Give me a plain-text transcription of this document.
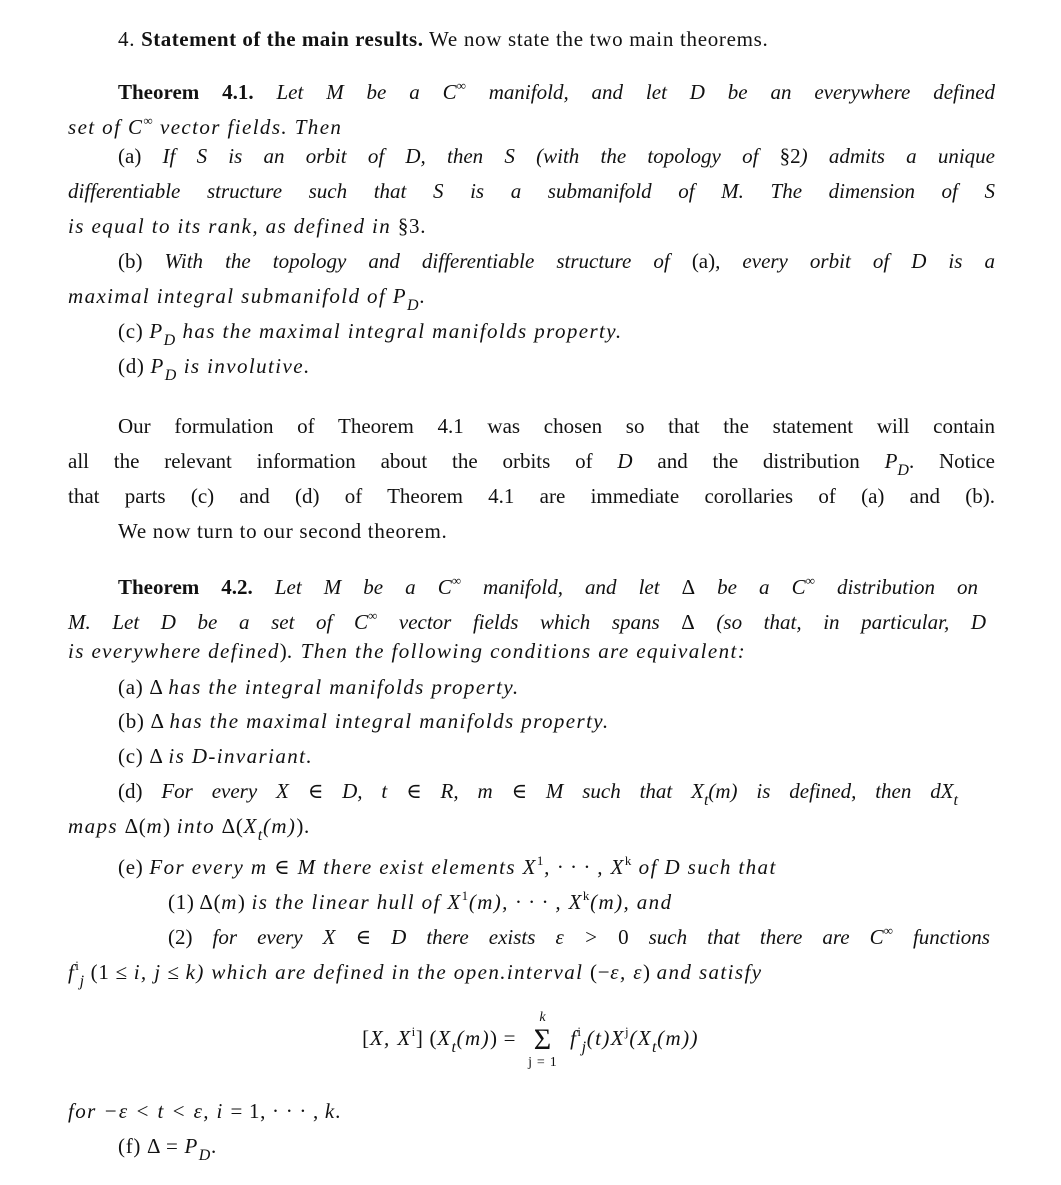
4. Statement of the main results. We now state the two main theorems.
Theorem 4.1. Let M be a C∞ manifold, and let D be an everywhere defined
set of C∞ vector fields. Then
(a) If S is an orbit of D, then S (with the topology of §2) admits a unique
differentiable structure such that S is a submanifold of M. The dimension of S
is equal to its rank, as defined in §3.
(b) With the topology and differentiable structure of (a), every orbit of D is a
maximal integral submanifold of $P_D$.
(c) $P_D$ has the maximal integral manifolds property.
(d) $P_D$ is involutive.
Our formulation of Theorem 4.1 was chosen so that the statement will contain
all the relevant information about the orbits of D and the distribution $P_D$. Notice
that parts (c) and (d) of Theorem 4.1 are immediate corollaries of (a) and (b).
We now turn to our second theorem.
Theorem 4.2. Let M be a C∞ manifold, and let Δ be a C∞ distribution on
M. Let D be a set of C∞ vector fields which spans Δ (so that, in particular, D
is everywhere defined). Then the following conditions are equivalent:
(a) Δ has the integral manifolds property.
(b) Δ has the maximal integral manifolds property.
(c) Δ is D-invariant.
(d) For every X ∈ D, t ∈ R, m ∈ M such that $X_t(m)$ is defined, then $dX_t$
maps Δ(m) into $\Delta(X_t(m))$.
(e) For every m ∈ M there exist elements $X^1$, · · · , $X^k$ of D such that
(1) Δ(m) is the linear hull of $X^1(m)$, · · · , $X^k(m)$, and
(2) for every X ∈ D there exists ε > 0 such that there are C∞ functions
$f^i_j$ (1 ≤ i, j ≤ k) which are defined in the open.interval (−ε, ε) and satisfy
[X, $X^i$] $(X_t(m))$ =
k
Σ
j = 1
$f^i_j(t)X^j(X_t(m))$
for −ε < t < ε, i = 1, · · · , k.
(f) $\Delta = P_D$.
